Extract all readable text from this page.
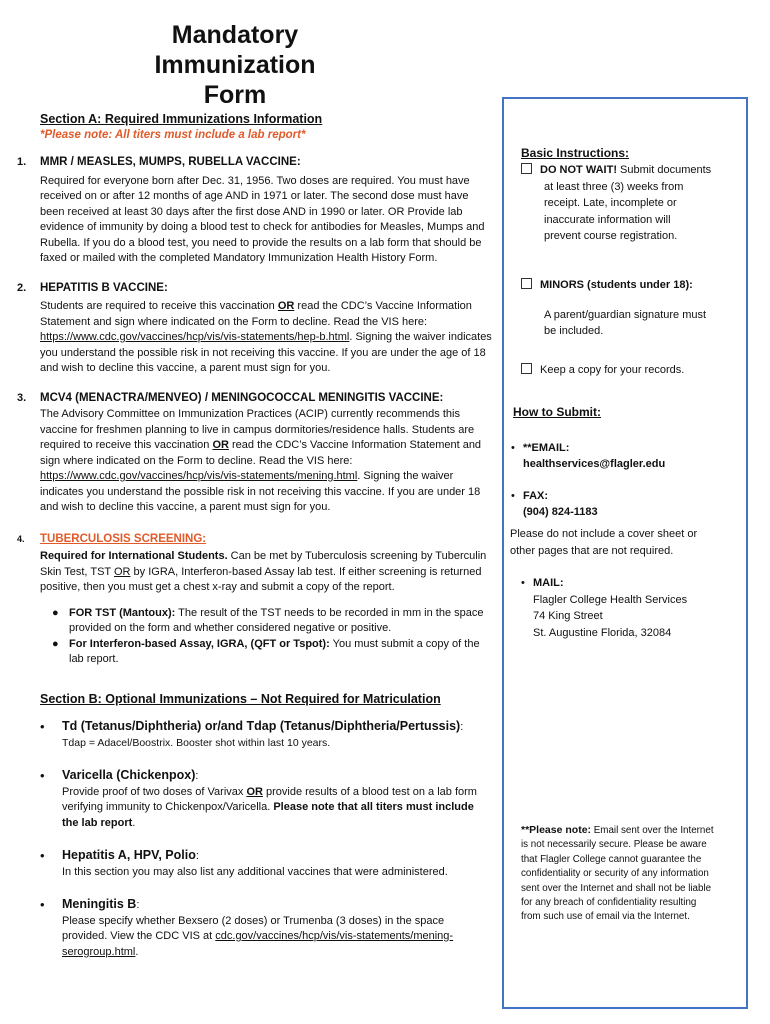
Mandatory
Immunization
Form
Section A: Required Immunizations Information
*Please note: All titers must include a lab report*
1. MMR / MEASLES, MUMPS, RUBELLA VACCINE:
Required for everyone born after Dec. 31, 1956. Two doses are required. You must have received on or after 12 months of age AND in 1971 or later. The second dose must have been received at least 30 days after the first dose AND in 1990 or later. OR Provide lab evidence of immunity by doing a blood test to check for antibodies for Measles, Mumps and Rubella. If you do a blood test, you need to provide the results on a lab form that should be faxed or mailed with the completed Mandatory Immunization Health History Form.
2. HEPATITIS B VACCINE:
Students are required to receive this vaccination OR read the CDC’s Vaccine Information Statement and sign where indicated on the Form to decline. Read the VIS here: https://www.cdc.gov/vaccines/hcp/vis/vis-statements/hep-b.html. Signing the waiver indicates you understand the possible risk in not receiving this vaccine. If you are under the age of 18 and wish to decline this vaccine, a parent must sign for you.
3. MCV4 (MENACTRA/MENVEO) / MENINGOCOCCAL MENINGITIS VACCINE:
The Advisory Committee on Immunization Practices (ACIP) currently recommends this vaccine for freshmen planning to live in campus dormitories/residence halls. Students are required to receive this vaccination OR read the CDC’s Vaccine Information Statement and sign where indicated on the Form to decline. Read the VIS here: https://www.cdc.gov/vaccines/hcp/vis/vis-statements/mening.html. Signing the waiver indicates you understand the possible risk in not receiving this vaccine. If you are under 18 and wish to decline this vaccine, a parent must sign for you.
4. TUBERCULOSIS SCREENING:
Required for International Students. Can be met by Tuberculosis screening by Tuberculin Skin Test, TST OR by IGRA, Interferon-based Assay lab test. If either screening is returned positive, then you must get a chest x-ray and submit a copy of the report.
● FOR TST (Mantoux): The result of the TST needs to be recorded in mm in the space provided on the form and whether considered negative or positive.
● For Interferon-based Assay, IGRA, (QFT or Tspot): You must submit a copy of the lab report.
Section B: Optional Immunizations – Not Required for Matriculation
• Td (Tetanus/Diphtheria) or/and Tdap (Tetanus/Diphtheria/Pertussis):
Tdap = Adacel/Boostrix. Booster shot within last 10 years.
• Varicella (Chickenpox):
Provide proof of two doses of Varivax OR provide results of a blood test on a lab form verifying immunity to Chickenpox/Varicella. Please note that all titers must include the lab report.
• Hepatitis A, HPV, Polio:
In this section you may also list any additional vaccines that were administered.
• Meningitis B:
Please specify whether Bexsero (2 doses) or Trumenba (3 doses) in the space provided. View the CDC VIS at cdc.gov/vaccines/hcp/vis/vis-statements/mening-serogroup.html.
Basic Instructions:
DO NOT WAIT! Submit documents
at least three (3) weeks from
receipt. Late, incomplete or
inaccurate information will
prevent course registration.
MINORS (students under 18):
A parent/guardian signature must
be included.
Keep a copy for your records.
How to Submit:
• **EMAIL:
healthservices@flagler.edu
• FAX:
(904) 824-1183
Please do not include a cover sheet or
other pages that are not required.
• MAIL:
Flagler College Health Services
74 King Street
St. Augustine Florida, 32084
**Please note: Email sent over the Internet
is not necessarily secure. Please be aware
that Flagler College cannot guarantee the
confidentiality or security of any information
sent over the Internet and shall not be liable
for any breach of confidentiality resulting
from such use of email via the Internet.
